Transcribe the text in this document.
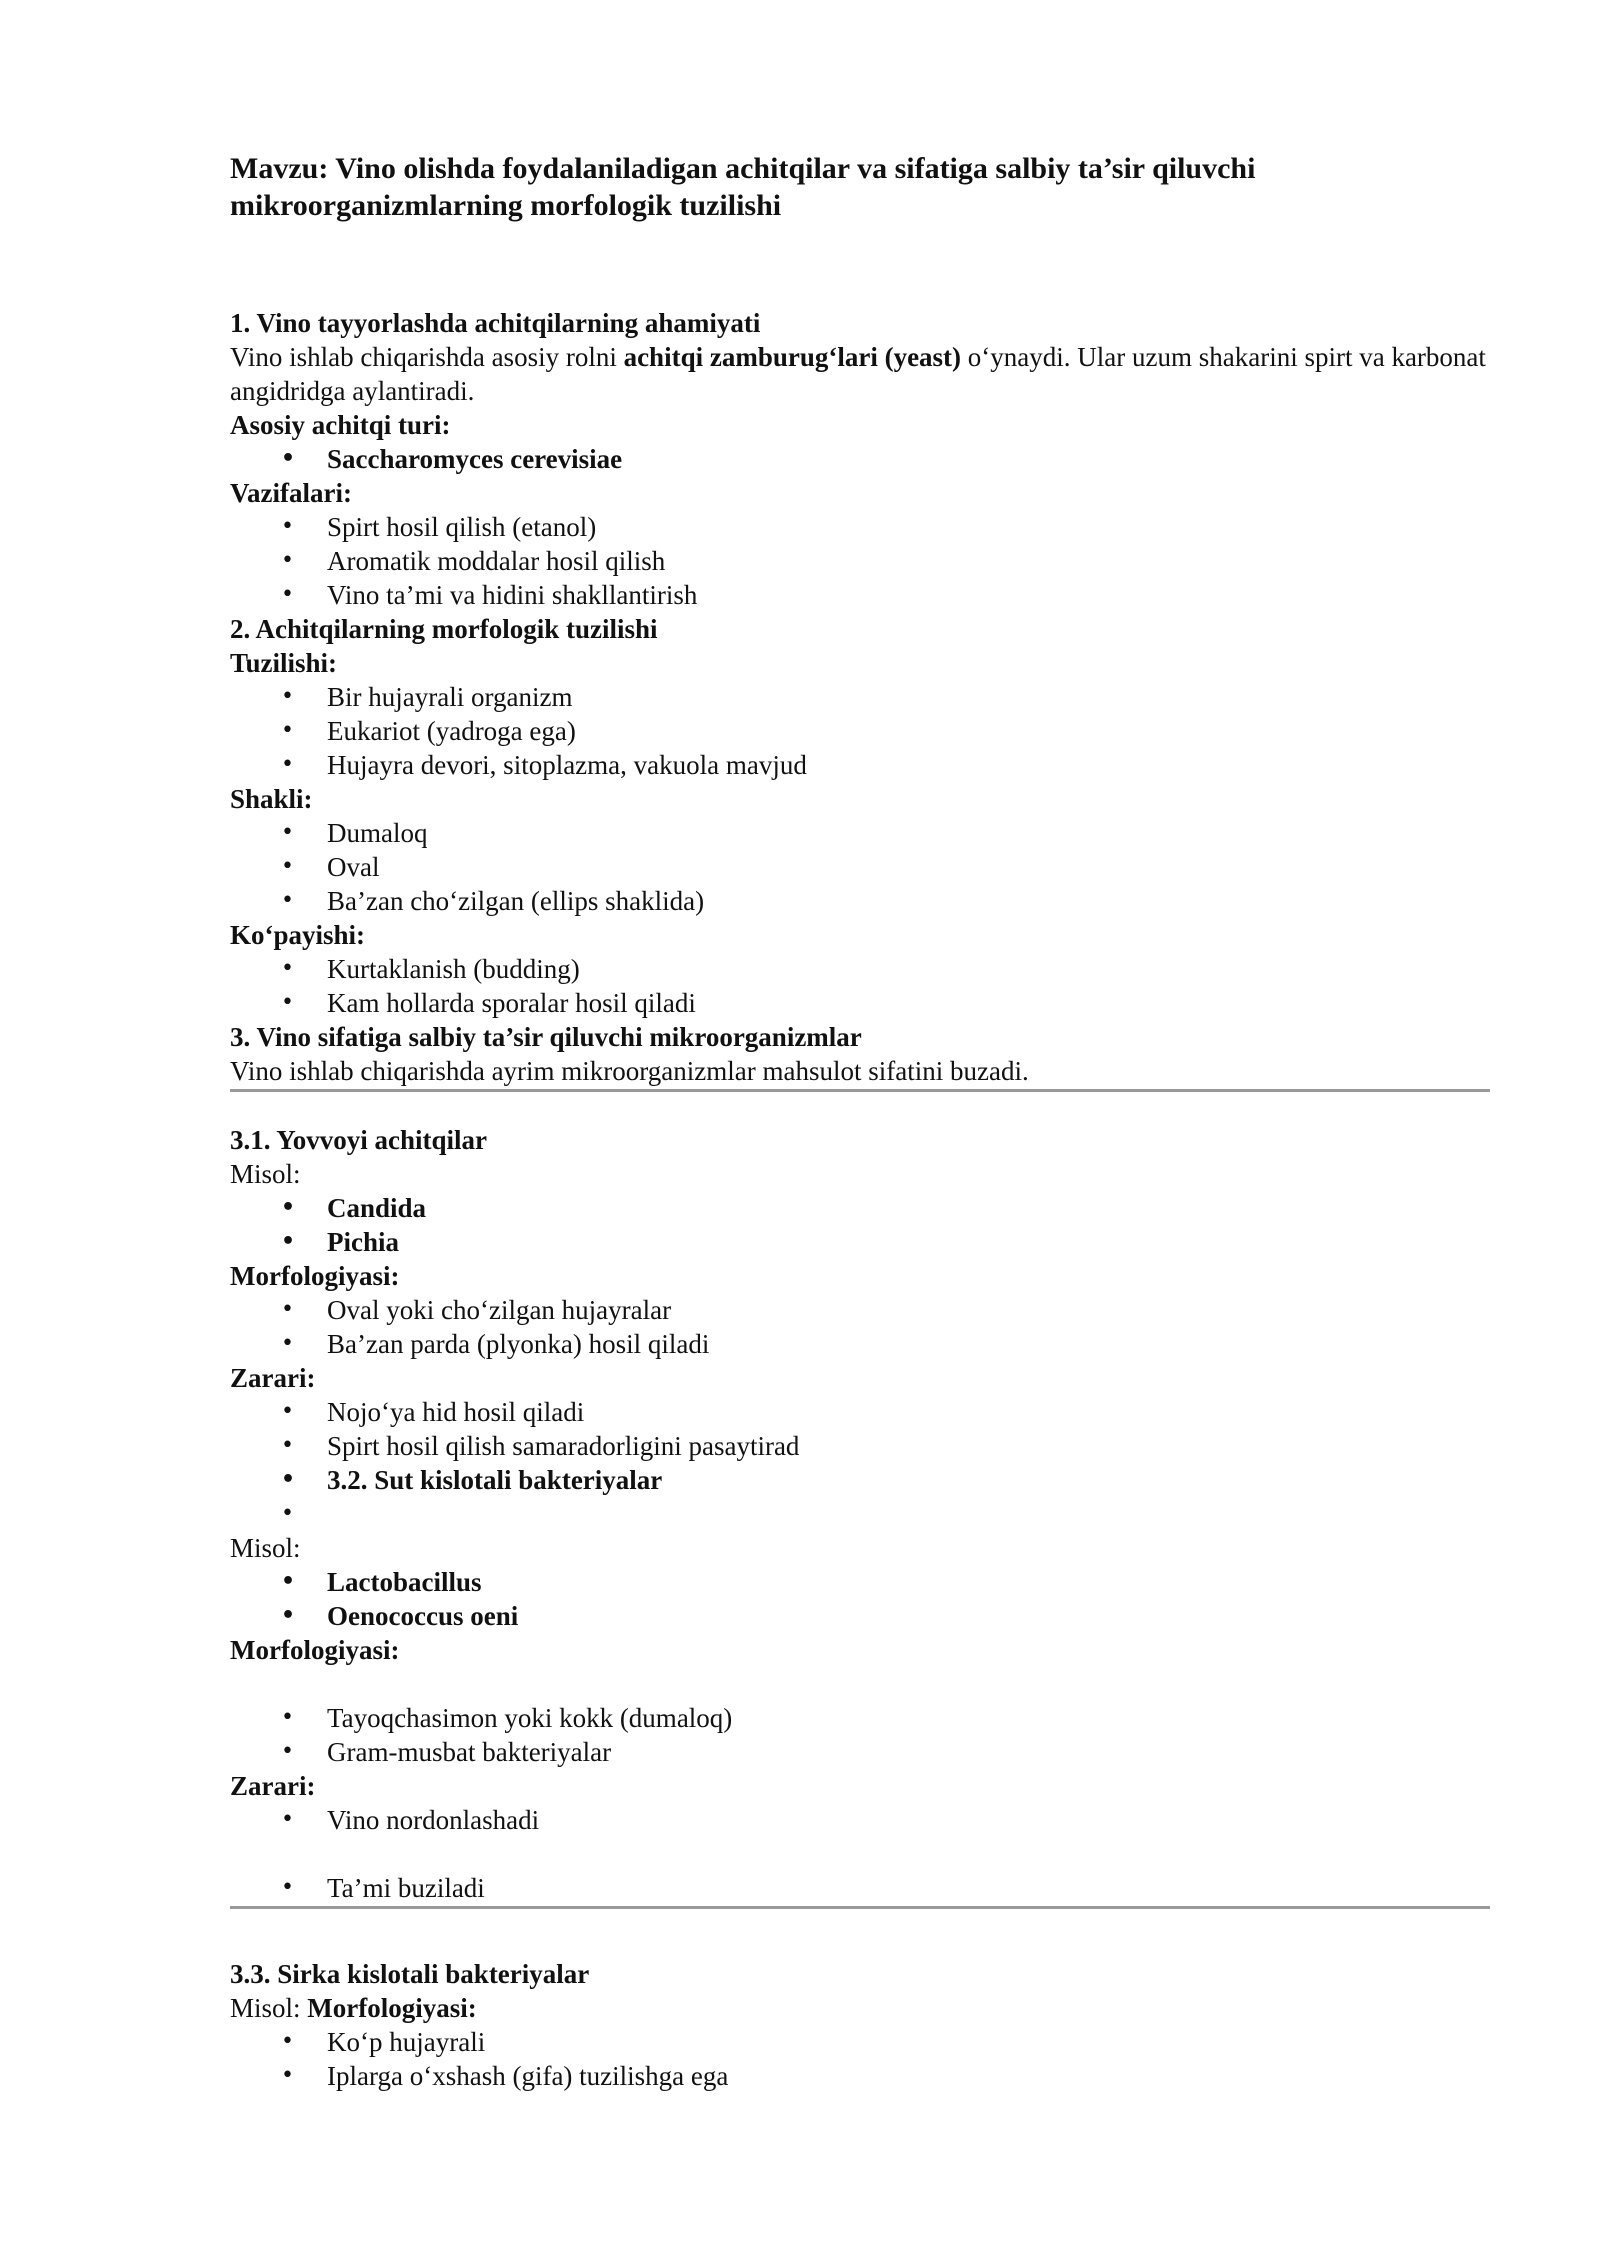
Mavzu: Vino olishda foydalaniladigan achitqilar va sifatiga salbiy ta’sir qiluvchi mikroorganizmlarning morfologik tuzilishi

1. Vino tayyorlashda achitqilarning ahamiyati

Vino ishlab chiqarishda asosiy rolni achitqi zamburug‘lari (yeast) o‘ynaydi. Ular uzum shakarini spirt va karbonat angidridga aylantiradi.

Asosiy achitqi turi:

• Saccharomyces cerevisiae

Vazifalari:

• Spirt hosil qilish (etanol)
• Aromatik moddalar hosil qilish
• Vino ta’mi va hidini shakllantirish

2. Achitqilarning morfologik tuzilishi

Tuzilishi:

• Bir hujayrali organizm
• Eukariot (yadroga ega)
• Hujayra devori, sitoplazma, vakuola mavjud

Shakli:

• Dumaloq
• Oval
• Ba’zan cho‘zilgan (ellips shaklida)

Ko‘payishi:

• Kurtaklanish (budding)
• Kam hollarda sporalar hosil qiladi

3. Vino sifatiga salbiy ta’sir qiluvchi mikroorganizmlar

Vino ishlab chiqarishda ayrim mikroorganizmlar mahsulot sifatini buzadi.

3.1. Yovvoyi achitqilar

Misol:

• Candida
• Pichia

Morfologiyasi:

• Oval yoki cho‘zilgan hujayralar
• Ba’zan parda (plyonka) hosil qiladi

Zarari:

• Nojo‘ya hid hosil qiladi
• Spirt hosil qilish samaradorligini pasaytirad
• 3.2. Sut kislotali bakteriyalar
•

Misol:

• Lactobacillus
• Oenococcus oeni

Morfologiyasi:

• Tayoqchasimon yoki kokk (dumaloq)
• Gram-musbat bakteriyalar

Zarari:

• Vino nordonlashadi
• Ta’mi buziladi

3.3. Sirka kislotali bakteriyalar

Misol: Morfologiyasi:

• Ko‘p hujayrali
• Iplarga o‘xshash (gifa) tuzilishga ega
